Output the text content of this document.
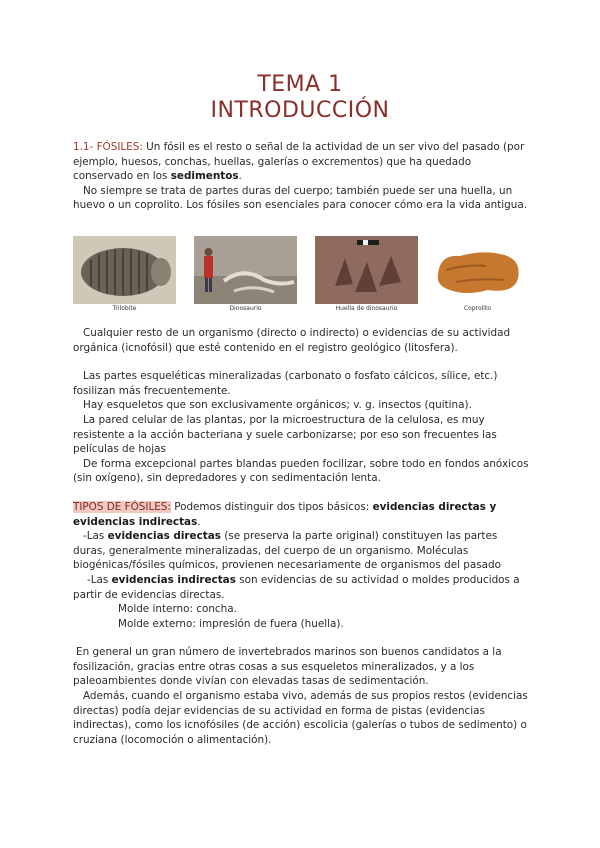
TEMA 1
INTRODUCCIÓN

1.1- FÓSILES: Un fósil es el resto o señal de la actividad de un ser vivo del pasado (por ejemplo, huesos, conchas, huellas, galerías o excrementos) que ha quedado conservado en los sedimentos.

No siempre se trata de partes duras del cuerpo; también puede ser una huella, un huevo o un coprolito. Los fósiles son esenciales para conocer cómo era la vida antigua.

Trilobite	Dinosaurio	Huella de dinosaurio	Coprolito

Cualquier resto de un organismo (directo o indirecto) o evidencias de su actividad orgánica (icnofósil) que esté contenido en el registro geológico (litosfera).

Las partes esqueléticas mineralizadas (carbonato o fosfato cálcicos, sílice, etc.) fosilizan más frecuentemente.

Hay esqueletos que son exclusivamente orgánicos; v. g. insectos (quitina).

La pared celular de las plantas, por la microestructura de la celulosa, es muy resistente a la acción bacteriana y suele carbonizarse; por eso son frecuentes las películas de hojas

De forma excepcional partes blandas pueden focilizar, sobre todo en fondos anóxicos (sin oxígeno), sin depredadores y con sedimentación lenta.

TIPOS DE FÓSILES: Podemos distinguir dos tipos básicos: evidencias directas y evidencias indirectas.

-Las evidencias directas (se preserva la parte original) constituyen las partes duras, generalmente mineralizadas, del cuerpo de un organismo. Moléculas biogénicas/fósiles químicos, provienen necesariamente de organismos del pasado

-Las evidencias indirectas son evidencias de su actividad o moldes producidos a partir de evidencias directas.

Molde interno: concha.

Molde externo: impresión de fuera (huella).

En general un gran número de invertebrados marinos son buenos candidatos a la fosilización, gracias entre otras cosas a sus esqueletos mineralizados, y a los paleoambientes donde vivían con elevadas tasas de sedimentación.

Además, cuando el organismo estaba vivo, además de sus propios restos (evidencias directas) podía dejar evidencias de su actividad en forma de pistas (evidencias indirectas), como los icnofósiles (de acción) escolicia (galerías o tubos de sedimento) o cruziana (locomoción o alimentación).
